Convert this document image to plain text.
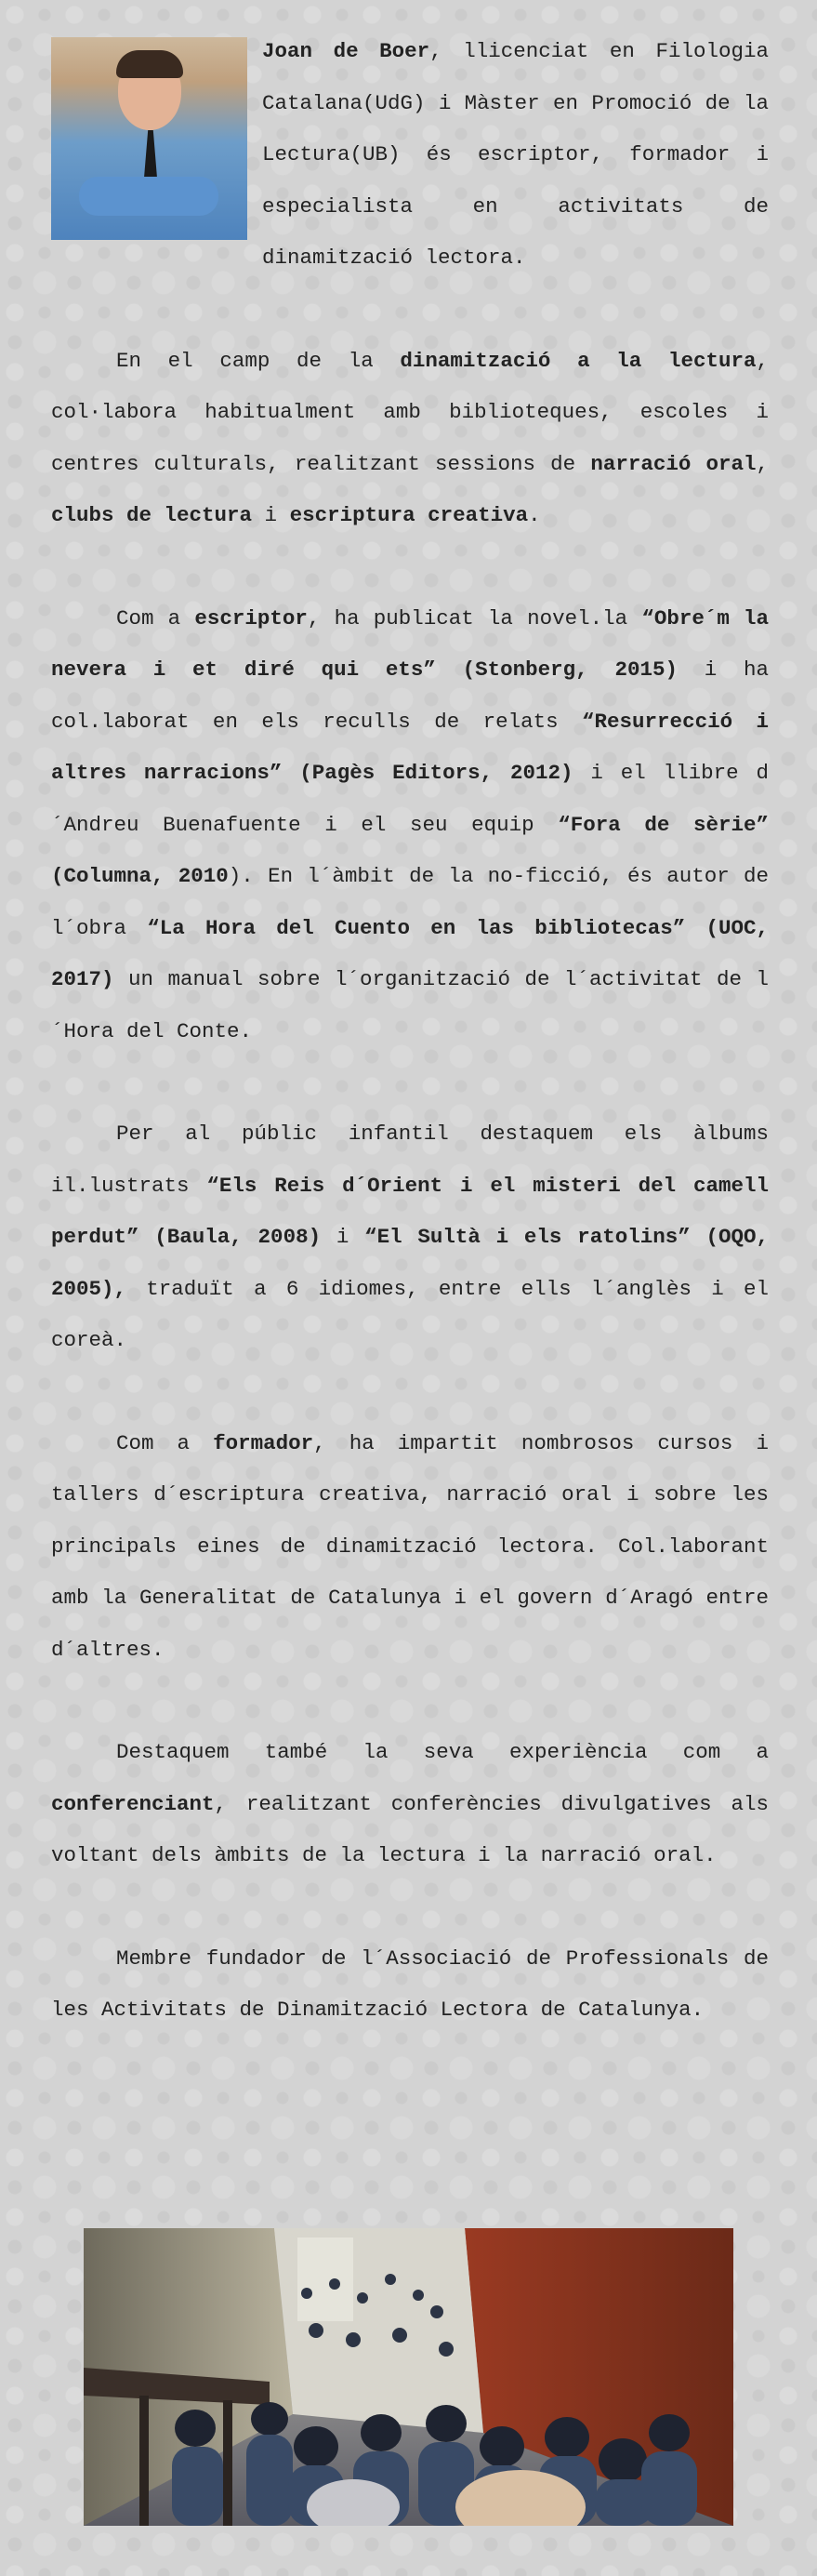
Joan de Boer, llicenciat en Filologia Catalana(UdG) i Màster en Promoció de la Lectura(UB) és escriptor, formador i especialista en activitats de dinamització lectora.

En el camp de la dinamització a la lectura, col·labora habitualment amb biblioteques, escoles i centres culturals, realitzant sessions de narració oral, clubs de lectura i escriptura creativa.

Com a escriptor, ha publicat la novel.la “Obre´m la nevera i et diré qui ets” (Stonberg, 2015) i ha col.laborat en els reculls de relats “Resurrecció i altres narracions” (Pagès Editors, 2012) i el llibre d´Andreu Buenafuente i el seu equip “Fora de sèrie” (Columna, 2010). En l´àmbit de la no-ficció, és autor de l´obra “La Hora del Cuento en las bibliotecas” (UOC, 2017) un manual sobre l´organització de l´activitat de l´Hora del Conte.

Per al públic infantil destaquem els àlbums il.lustrats “Els Reis d´Orient i el misteri del camell perdut” (Baula, 2008) i “El Sultà i els ratolins” (OQO, 2005), traduït a 6 idiomes, entre ells l´anglès i el coreà.

Com a formador, ha impartit nombrosos cursos i tallers d´escriptura creativa, narració oral i sobre les principals eines de dinamització lectora. Col.laborant amb la Generalitat de Catalunya i el govern d´Aragó entre d´altres.

Destaquem també la seva experiència com a conferenciant, realitzant conferències divulgatives als voltant dels àmbits de la lectura i la narració oral.

Membre fundador de l´Associació de Professionals de les Activitats de Dinamització Lectora de Catalunya.
